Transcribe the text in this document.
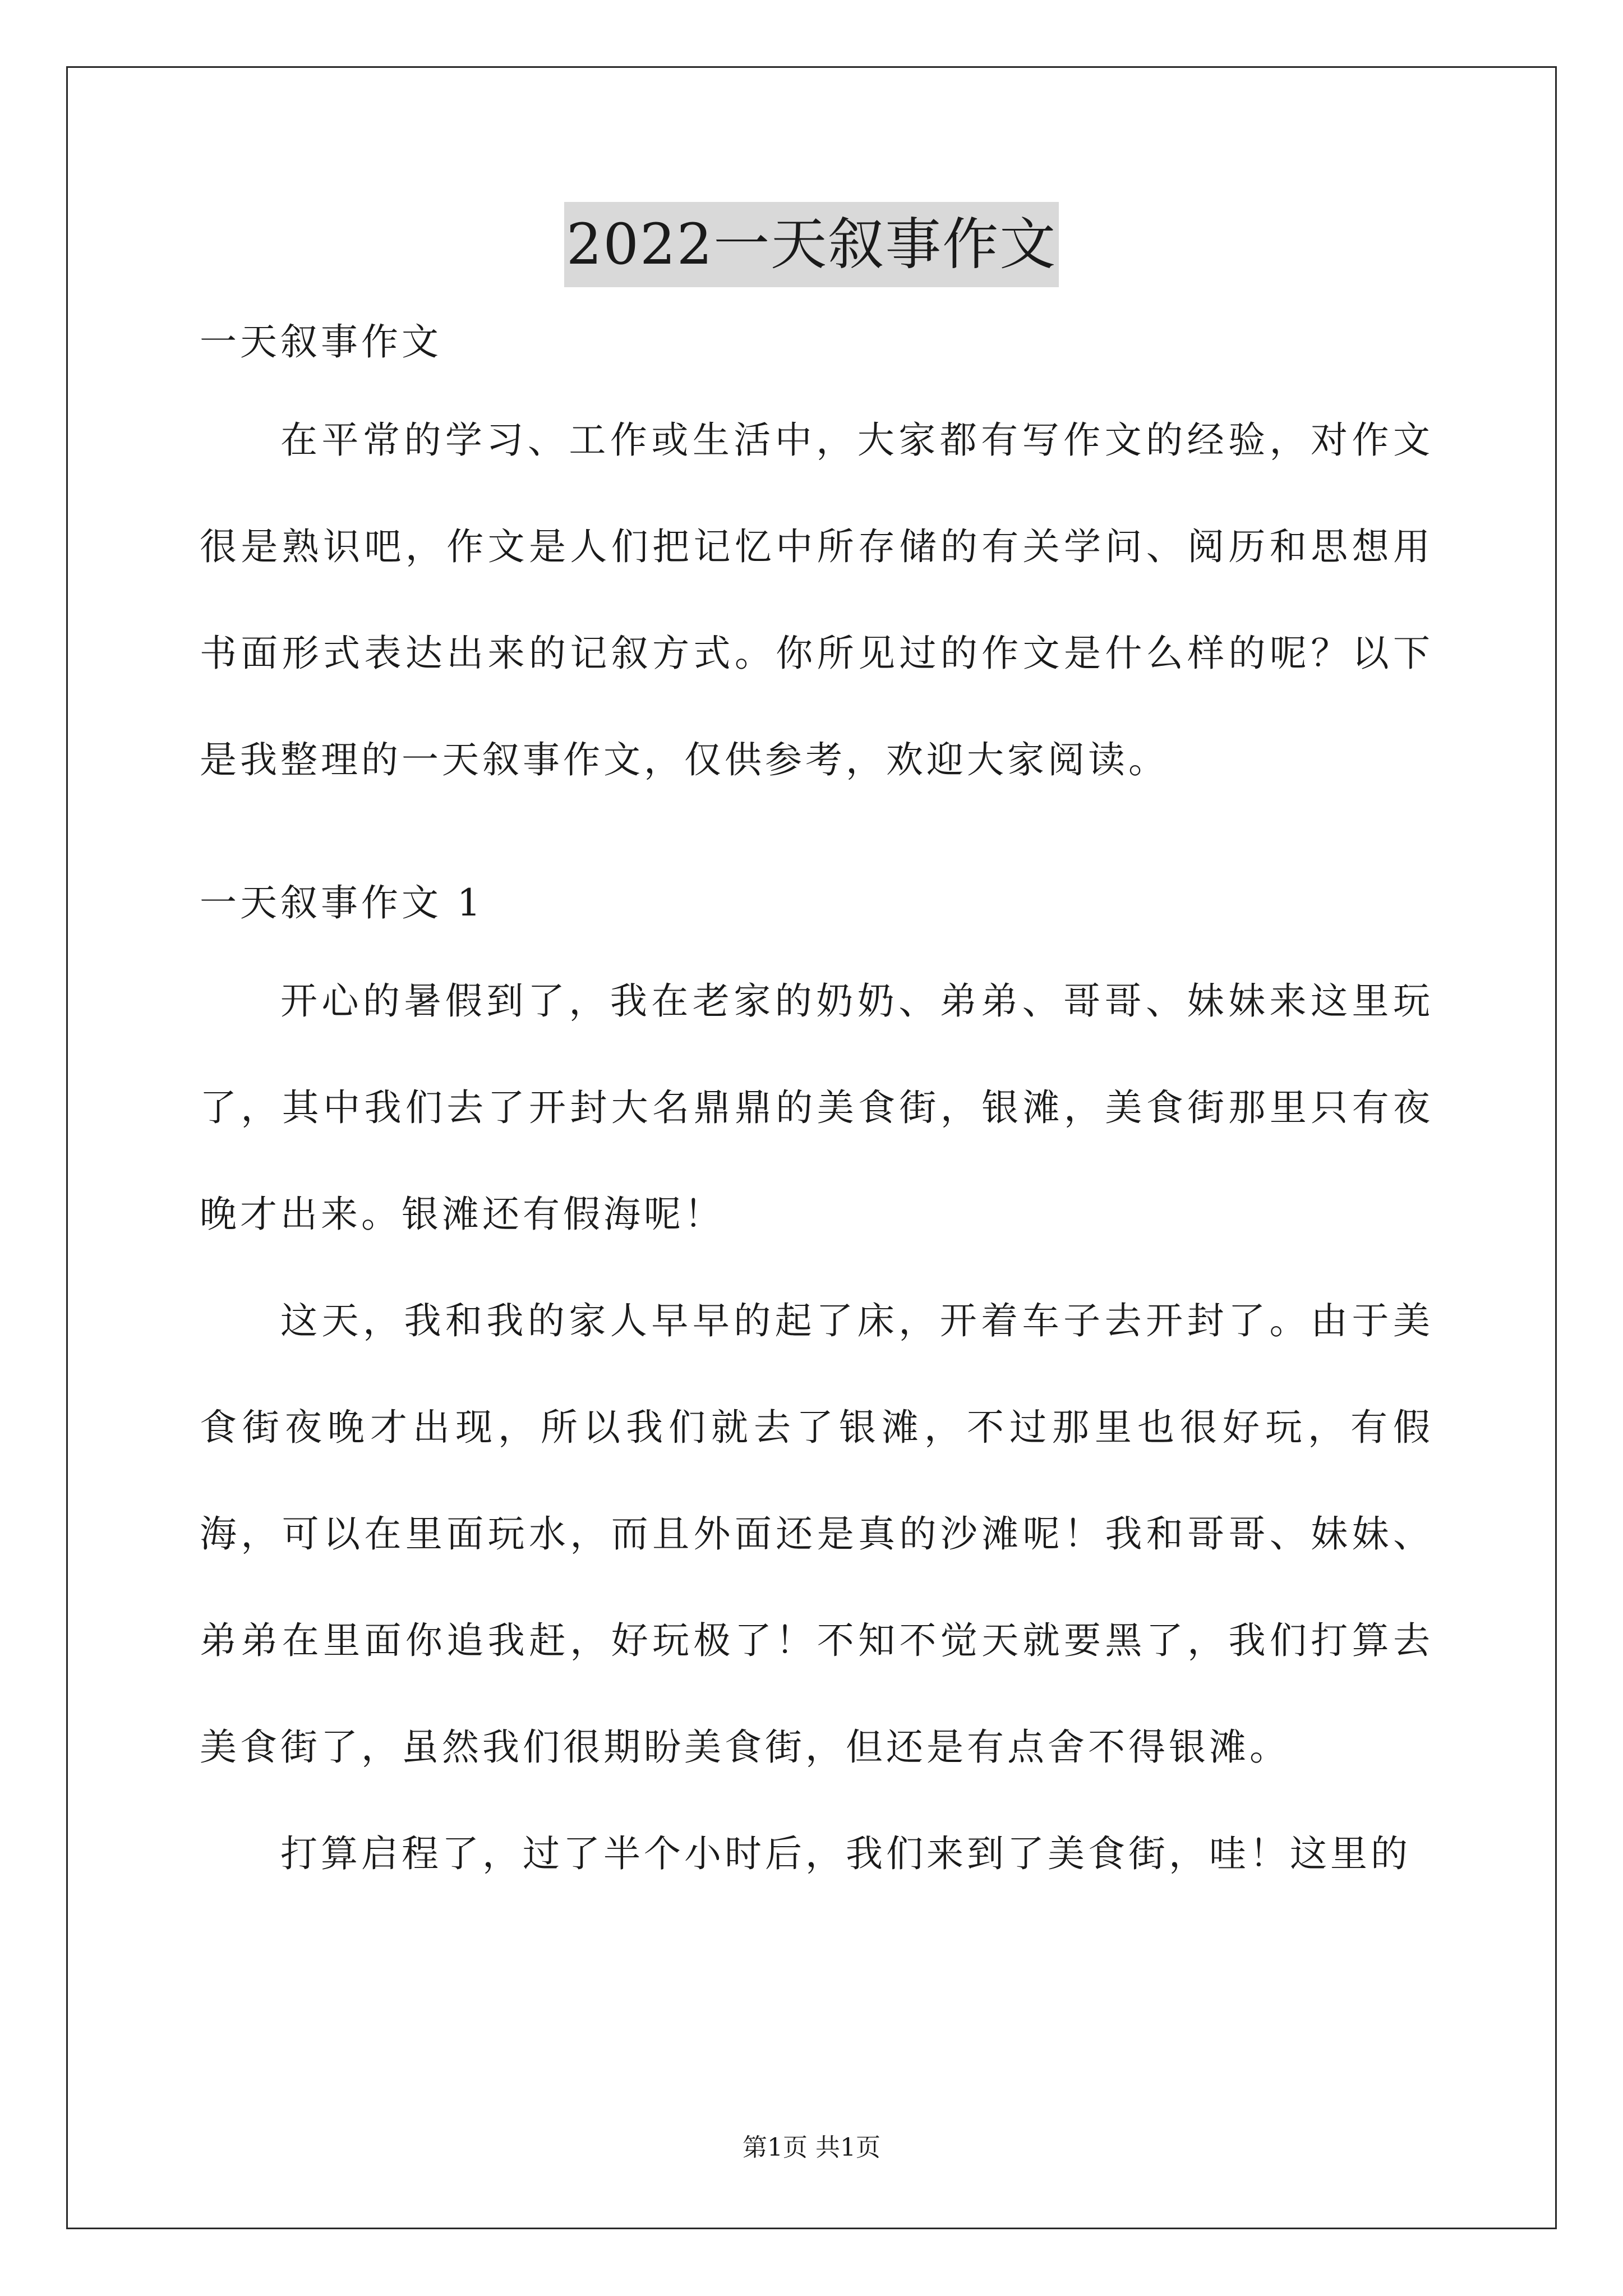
2022一天叙事作文

一天叙事作文

在平常的学习、工作或生活中，大家都有写作文的经验，对作文很是熟识吧，作文是人们把记忆中所存储的有关学问、阅历和思想用书面形式表达出来的记叙方式。你所见过的作文是什么样的呢？以下是我整理的一天叙事作文，仅供参考，欢迎大家阅读。

一天叙事作文 1

开心的暑假到了，我在老家的奶奶、弟弟、哥哥、妹妹来这里玩了，其中我们去了开封大名鼎鼎的美食街，银滩，美食街那里只有夜晚才出来。银滩还有假海呢！

这天，我和我的家人早早的起了床，开着车子去开封了。由于美食街夜晚才出现，所以我们就去了银滩，不过那里也很好玩，有假海，可以在里面玩水，而且外面还是真的沙滩呢！我和哥哥、妹妹、弟弟在里面你追我赶，好玩极了！不知不觉天就要黑了，我们打算去美食街了，虽然我们很期盼美食街，但还是有点舍不得银滩。

打算启程了，过了半个小时后，我们来到了美食街，哇！这里的

第1页 共1页
